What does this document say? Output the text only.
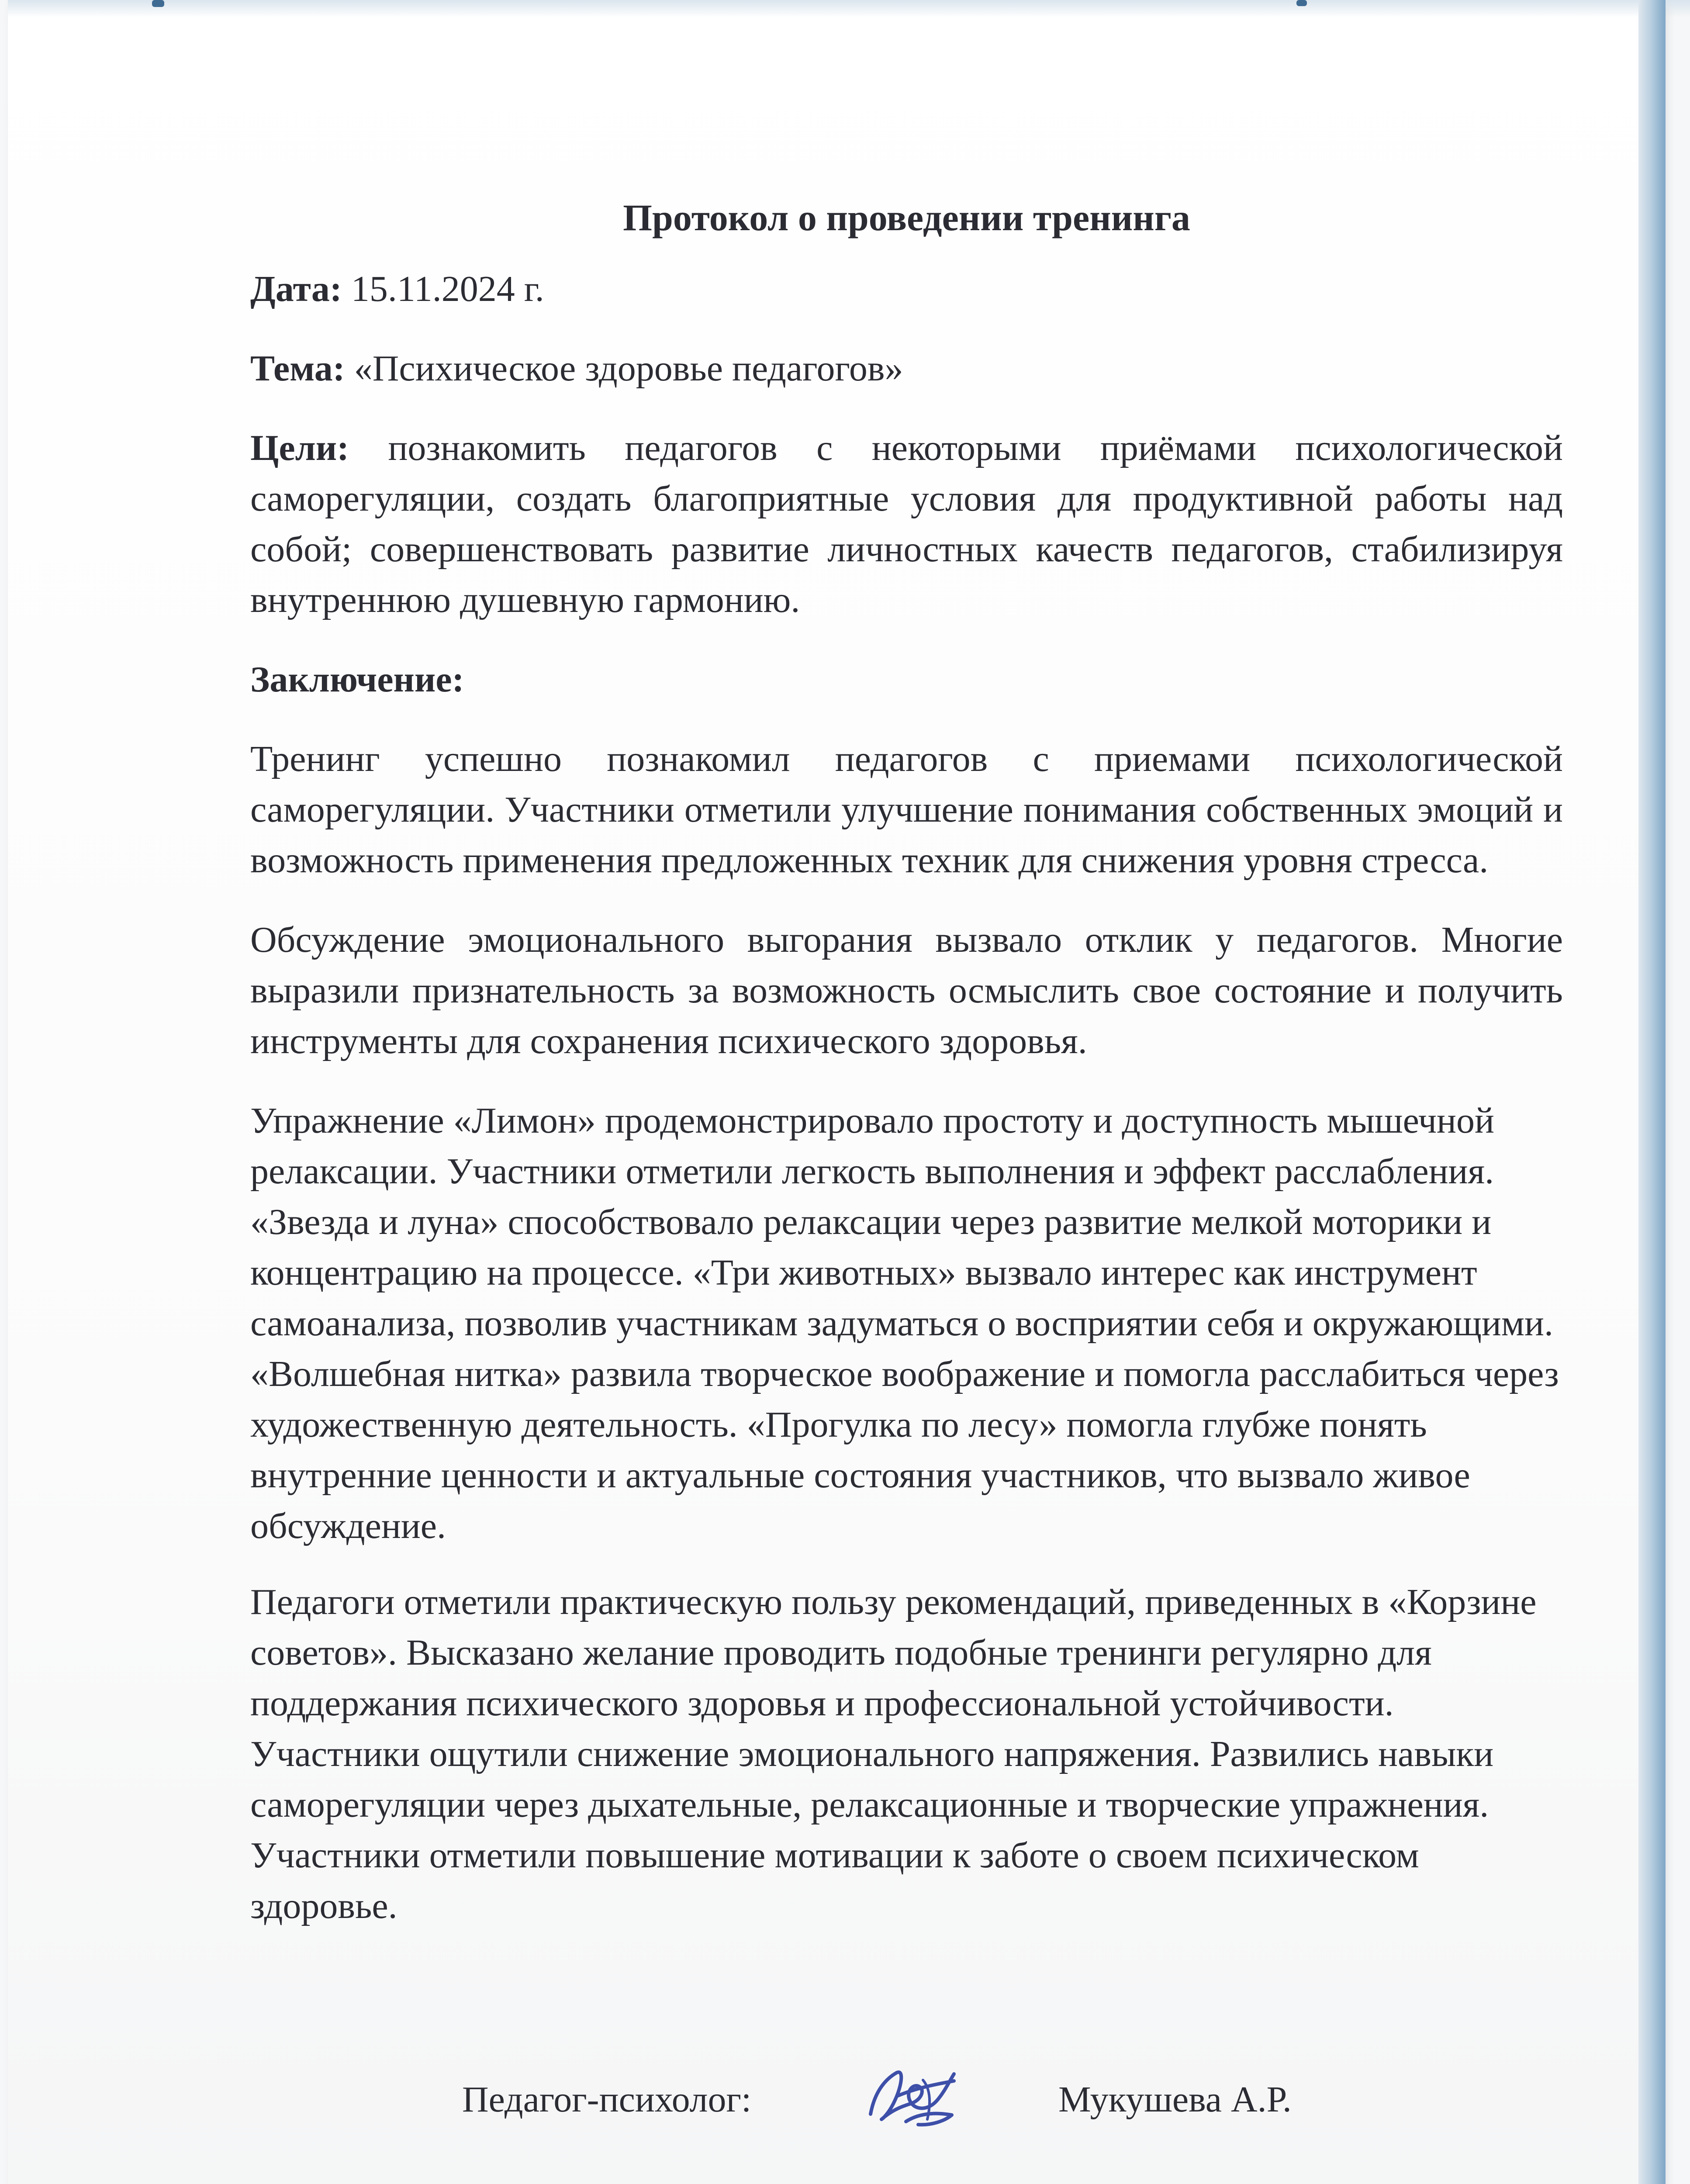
Протокол о проведении тренинга
Дата: 15.11.2024 г.
Тема: «Психическое здоровье педагогов»
Цели: познакомить педагогов с некоторыми приёмами психологической саморегуляции, создать благоприятные условия для продуктивной работы над собой; совершенствовать развитие личностных качеств педагогов, стабилизируя внутреннюю душевную гармонию.
Заключение:
Тренинг успешно познакомил педагогов с приемами психологической саморегуляции. Участники отметили улучшение понимания собственных эмоций и возможность применения предложенных техник для снижения уровня стресса.
Обсуждение эмоционального выгорания вызвало отклик у педагогов. Многие выразили признательность за возможность осмыслить свое состояние и получить инструменты для сохранения психического здоровья.
Упражнение «Лимон» продемонстрировало простоту и доступность мышечной релаксации. Участники отметили легкость выполнения и эффект расслабления. «Звезда и луна» способствовало релаксации через развитие мелкой моторики и концентрацию на процессе. «Три животных» вызвало интерес как инструмент самоанализа, позволив участникам задуматься о восприятии себя и окружающими. «Волшебная нитка» развила творческое воображение и помогла расслабиться через художественную деятельность. «Прогулка по лесу» помогла глубже понять внутренние ценности и актуальные состояния участников, что вызвало живое обсуждение.
Педагоги отметили практическую пользу рекомендаций, приведенных в «Корзине советов». Высказано желание проводить подобные тренинги регулярно для поддержания психического здоровья и профессиональной устойчивости. Участники ощутили снижение эмоционального напряжения. Развились навыки саморегуляции через дыхательные, релаксационные и творческие упражнения. Участники отметили повышение мотивации к заботе о своем психическом здоровье.
Педагог-психолог:	Мукушева А.Р.
